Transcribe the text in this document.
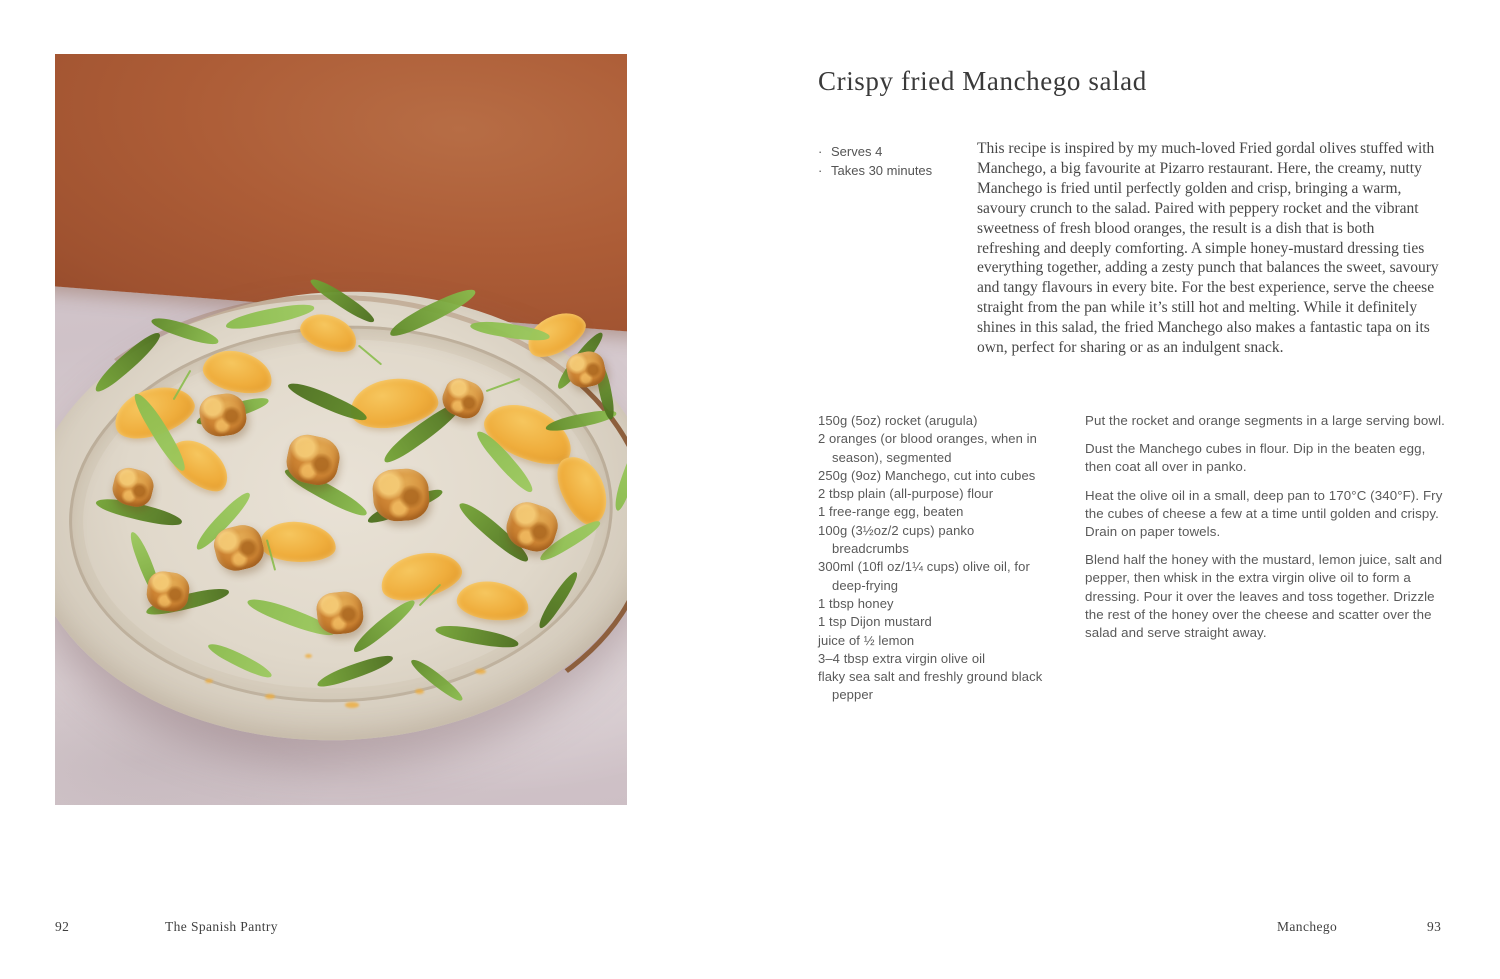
Crispy fried Manchego salad
· Serves 4
· Takes 30 minutes
This recipe is inspired by my much-loved Fried gordal olives stuffed with Manchego, a big favourite at Pizarro restaurant. Here, the creamy, nutty Manchego is fried until perfectly golden and crisp, bringing a warm, savoury crunch to the salad. Paired with peppery rocket and the vibrant sweetness of fresh blood oranges, the result is a dish that is both refreshing and deeply comforting. A simple honey-mustard dressing ties everything together, adding a zesty punch that balances the sweet, savoury and tangy flavours in every bite. For the best experience, serve the cheese straight from the pan while it’s still hot and melting. While it definitely shines in this salad, the fried Manchego also makes a fantastic tapa on its own, perfect for sharing or as an indulgent snack.
150g (5oz) rocket (arugula)
2 oranges (or blood oranges, when in season), segmented
250g (9oz) Manchego, cut into cubes
2 tbsp plain (all-purpose) flour
1 free-range egg, beaten
100g (3½oz/2 cups) panko breadcrumbs
300ml (10fl oz/1¼ cups) olive oil, for deep-frying
1 tbsp honey
1 tsp Dijon mustard
juice of ½ lemon
3–4 tbsp extra virgin olive oil
flaky sea salt and freshly ground black pepper

Put the rocket and orange segments in a large serving bowl.

Dust the Manchego cubes in flour. Dip in the beaten egg, then coat all over in panko.

Heat the olive oil in a small, deep pan to 170°C (340°F). Fry the cubes of cheese a few at a time until golden and crispy. Drain on paper towels.

Blend half the honey with the mustard, lemon juice, salt and pepper, then whisk in the extra virgin olive oil to form a dressing. Pour it over the leaves and toss together. Drizzle the rest of the honey over the cheese and scatter over the salad and serve straight away.

92	The Spanish Pantry	Manchego	93
